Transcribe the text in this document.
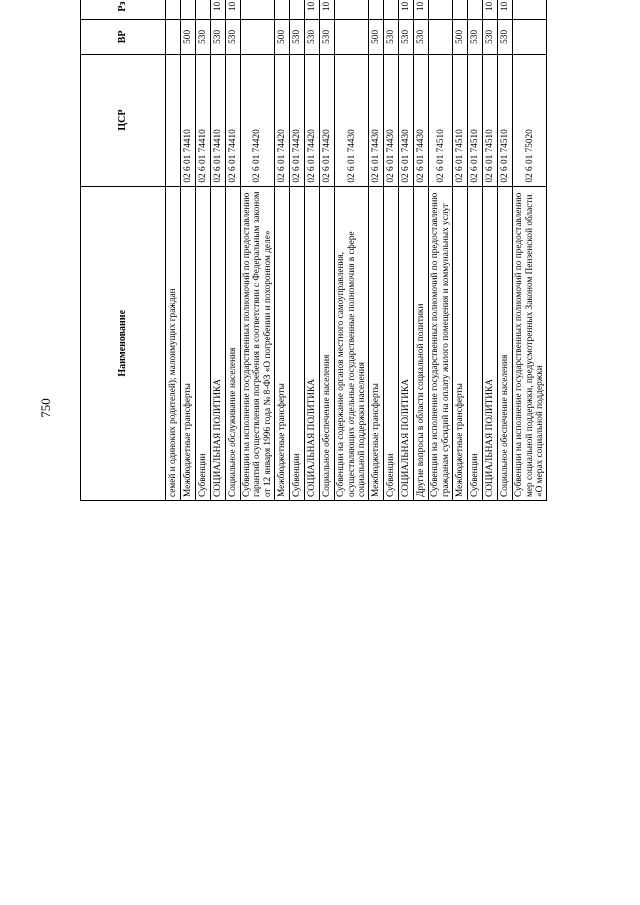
750
Наименование	ЦСР	ВР	Рз				
семей и одиноких родителей); малоимущих граждан							
Межбюджетные трансферты	02 6 01 74410	500					
Субвенции	02 6 01 74410	530					
СОЦИАЛЬНАЯ ПОЛИТИКА	02 6 01 74410	530	10				
Социальное обслуживание населения	02 6 01 74410	530	10				
Субвенции на исполнение государственных полномочий по предоставлению гарантий осуществления погребения в соответствии с Федеральным законом от 12 января 1996 года № 8-ФЗ «О погребении и похоронном деле»	02 6 01 74420						
Межбюджетные трансферты	02 6 01 74420	500					
Субвенции	02 6 01 74420	530					
СОЦИАЛЬНАЯ ПОЛИТИКА	02 6 01 74420	530	10				
Социальное обеспечение населения	02 6 01 74420	530	10				
Субвенции на содержание органов местного самоуправления, осуществляющих отдельные государственные полномочия в сфере социальной поддержки населения	02 6 01 74430						
Межбюджетные трансферты	02 6 01 74430	500					
Субвенции	02 6 01 74430	530					
СОЦИАЛЬНАЯ ПОЛИТИКА	02 6 01 74430	530	10				
Другие вопросы в области социальной политики	02 6 01 74430	530	10				
Субвенции на исполнение государственных полномочий по предоставлению гражданам субсидий на оплату жилого помещения и коммунальных услуг	02 6 01 74510						
Межбюджетные трансферты	02 6 01 74510	500					
Субвенции	02 6 01 74510	530					
СОЦИАЛЬНАЯ ПОЛИТИКА	02 6 01 74510	530	10				
Социальное обеспечение населения	02 6 01 74510	530	10				
Субвенции на исполнение государственных полномочий по предоставлению мер социальной поддержки, предусмотренных Законом Пензенской области «О мерах социальной поддержки	02 6 01 75020						
